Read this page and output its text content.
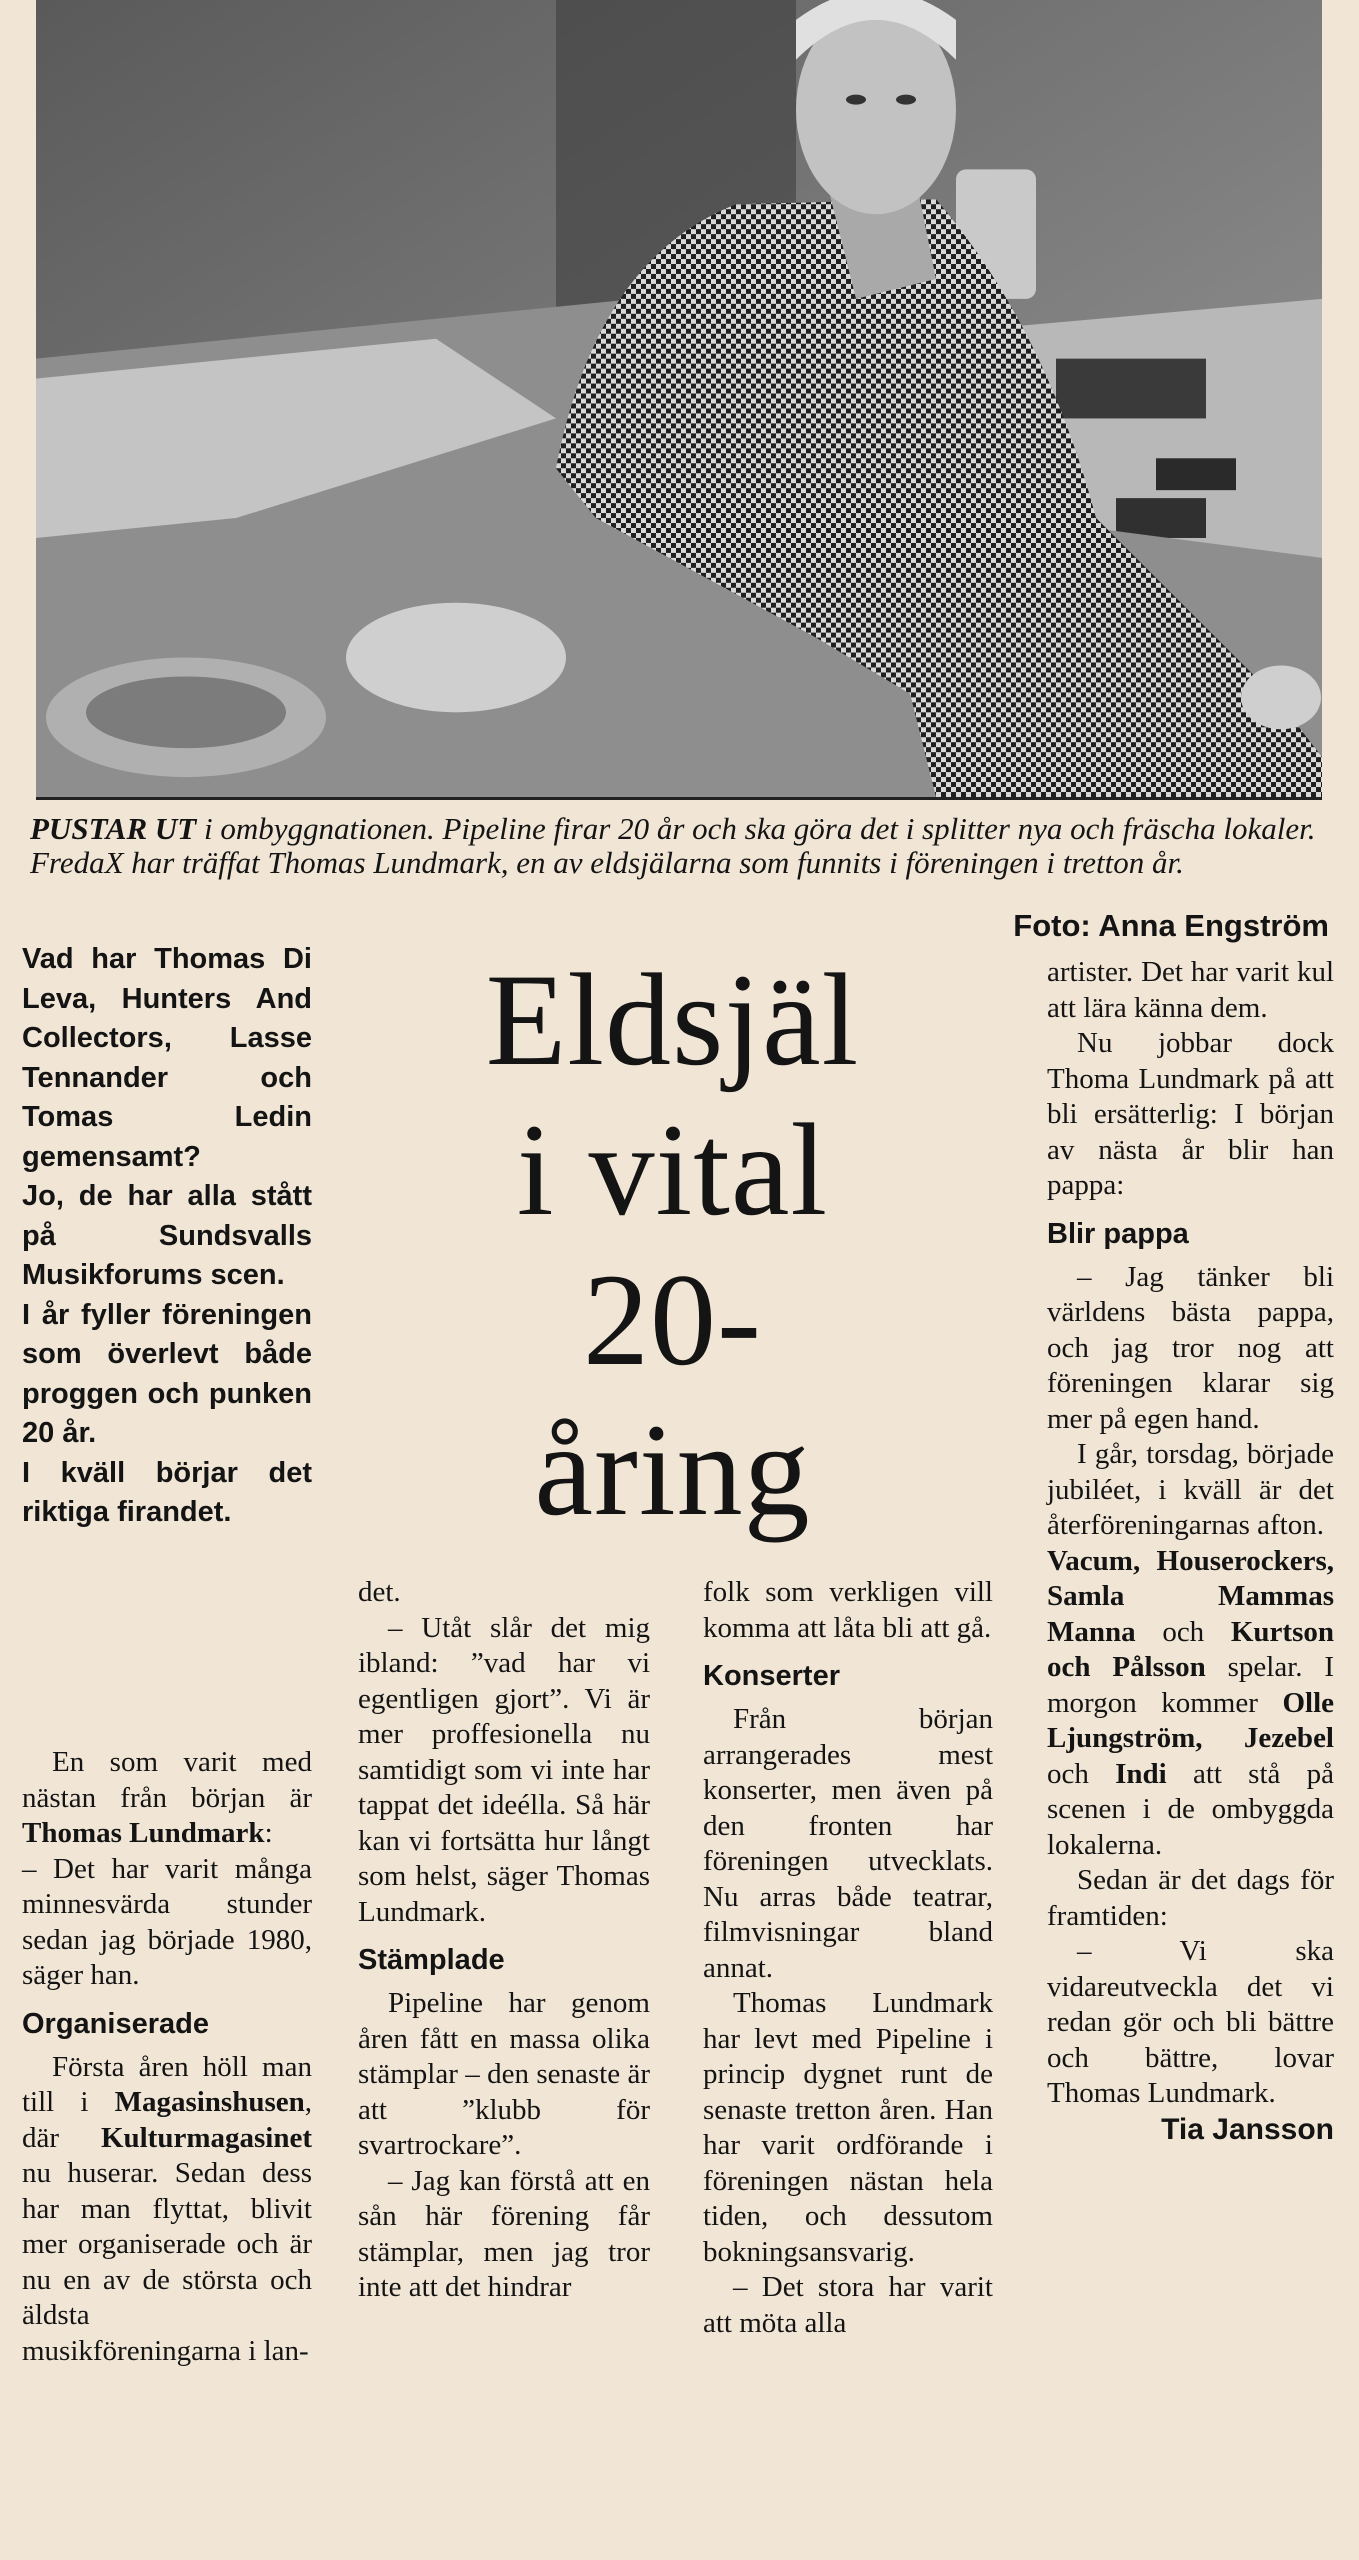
PUSTAR UT i ombyggnationen. Pipeline firar 20 år och ska göra det i splitter nya och fräscha lokaler. FredaX har träffat Thomas Lundmark, en av eldsjälarna som funnits i föreningen i tretton år.
Foto: Anna Engström
Eldsjäl
i vital
20-
åring

Vad har Thomas Di Leva, Hunters And Collectors, Lasse Tennander och Tomas Ledin gemensamt?

Jo, de har alla stått på Sundsvalls Musikforums scen.

I år fyller föreningen som överlevt både proggen och punken 20 år.

I kväll börjar det riktiga firandet.

En som varit med nästan från början är Thomas Lundmark:

– Det har varit många minnesvärda stunder sedan jag började 1980, säger han.

Organiserade

Första åren höll man till i Magasinshusen, där Kulturmagasinet nu huserar. Sedan dess har man flyttat, blivit mer organiserade och är nu en av de största och äldsta musikföreningarna i lan-

det.

– Utåt slår det mig ibland: ”vad har vi egentligen gjort”. Vi är mer proffesionella nu samtidigt som vi inte har tappat det ideélla. Så här kan vi fortsätta hur långt som helst, säger Thomas Lundmark.

Stämplade

Pipeline har genom åren fått en massa olika stämplar – den senaste är att ”klubb för svartrockare”.

– Jag kan förstå att en sån här förening får stämplar, men jag tror inte att det hindrar

folk som verkligen vill komma att låta bli att gå.

Konserter

Från början arrangerades mest konserter, men även på den fronten har föreningen utvecklats. Nu arras både teatrar, filmvisningar bland annat.

Thomas Lundmark har levt med Pipeline i princip dygnet runt de senaste tretton åren. Han har varit ordförande i föreningen nästan hela tiden, och dessutom bokningsansvarig.

– Det stora har varit att möta alla

artister. Det har varit kul att lära känna dem.

Nu jobbar dock Thoma Lundmark på att bli ersätterlig: I början av nästa år blir han pappa:

Blir pappa

– Jag tänker bli världens bästa pappa, och jag tror nog att föreningen klarar sig mer på egen hand.

I går, torsdag, började jubiléet, i kväll är det återföreningarnas afton.

Vacum, Houserockers, Samla Mammas Manna och Kurtson och Pålsson spelar. I morgon kommer Olle Ljungström, Jezebel och Indi att stå på scenen i de ombyggda lokalerna.

Sedan är det dags för framtiden:

– Vi ska vidareutveckla det vi redan gör och bli bättre och bättre, lovar Thomas Lundmark.

Tia Jansson
